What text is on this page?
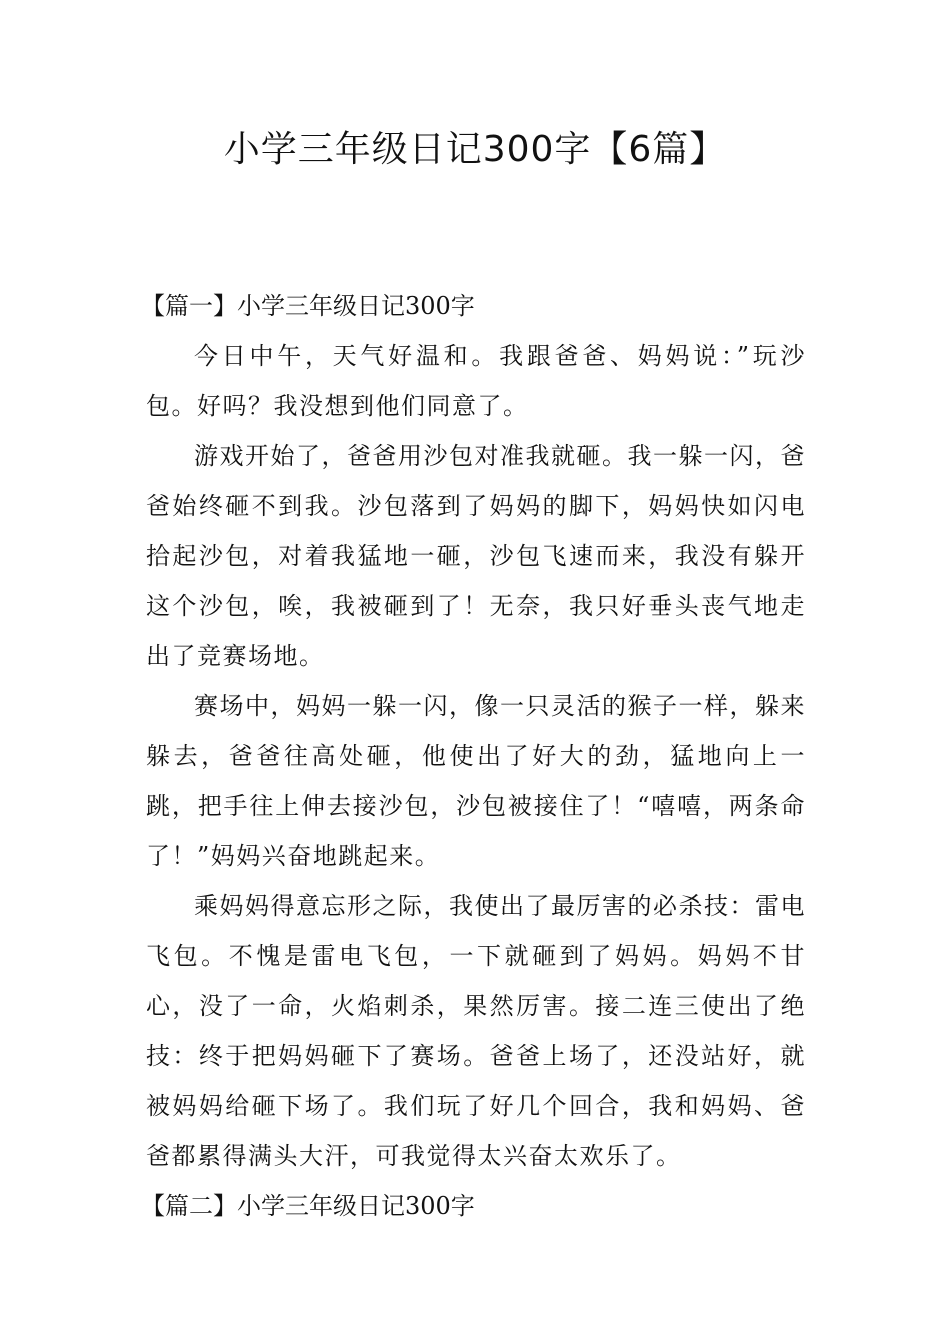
小学三年级日记300字【6篇】
【篇一】小学三年级日记300字

今日中午，天气好温和。我跟爸爸、妈妈说：”玩沙包。好吗？我没想到他们同意了。

游戏开始了，爸爸用沙包对准我就砸。我一躲一闪，爸爸始终砸不到我。沙包落到了妈妈的脚下，妈妈快如闪电拾起沙包，对着我猛地一砸，沙包飞速而来，我没有躲开这个沙包，唉，我被砸到了！无奈，我只好垂头丧气地走出了竞赛场地。

赛场中，妈妈一躲一闪，像一只灵活的猴子一样，躲来躲去，爸爸往高处砸，他使出了好大的劲，猛地向上一跳，把手往上伸去接沙包，沙包被接住了！“嘻嘻，两条命了！”妈妈兴奋地跳起来。

乘妈妈得意忘形之际，我使出了最厉害的必杀技：雷电飞包。不愧是雷电飞包，一下就砸到了妈妈。妈妈不甘心，没了一命，火焰刺杀，果然厉害。接二连三使出了绝技：终于把妈妈砸下了赛场。爸爸上场了，还没站好，就被妈妈给砸下场了。我们玩了好几个回合，我和妈妈、爸爸都累得满头大汗，可我觉得太兴奋太欢乐了。

【篇二】小学三年级日记300字
